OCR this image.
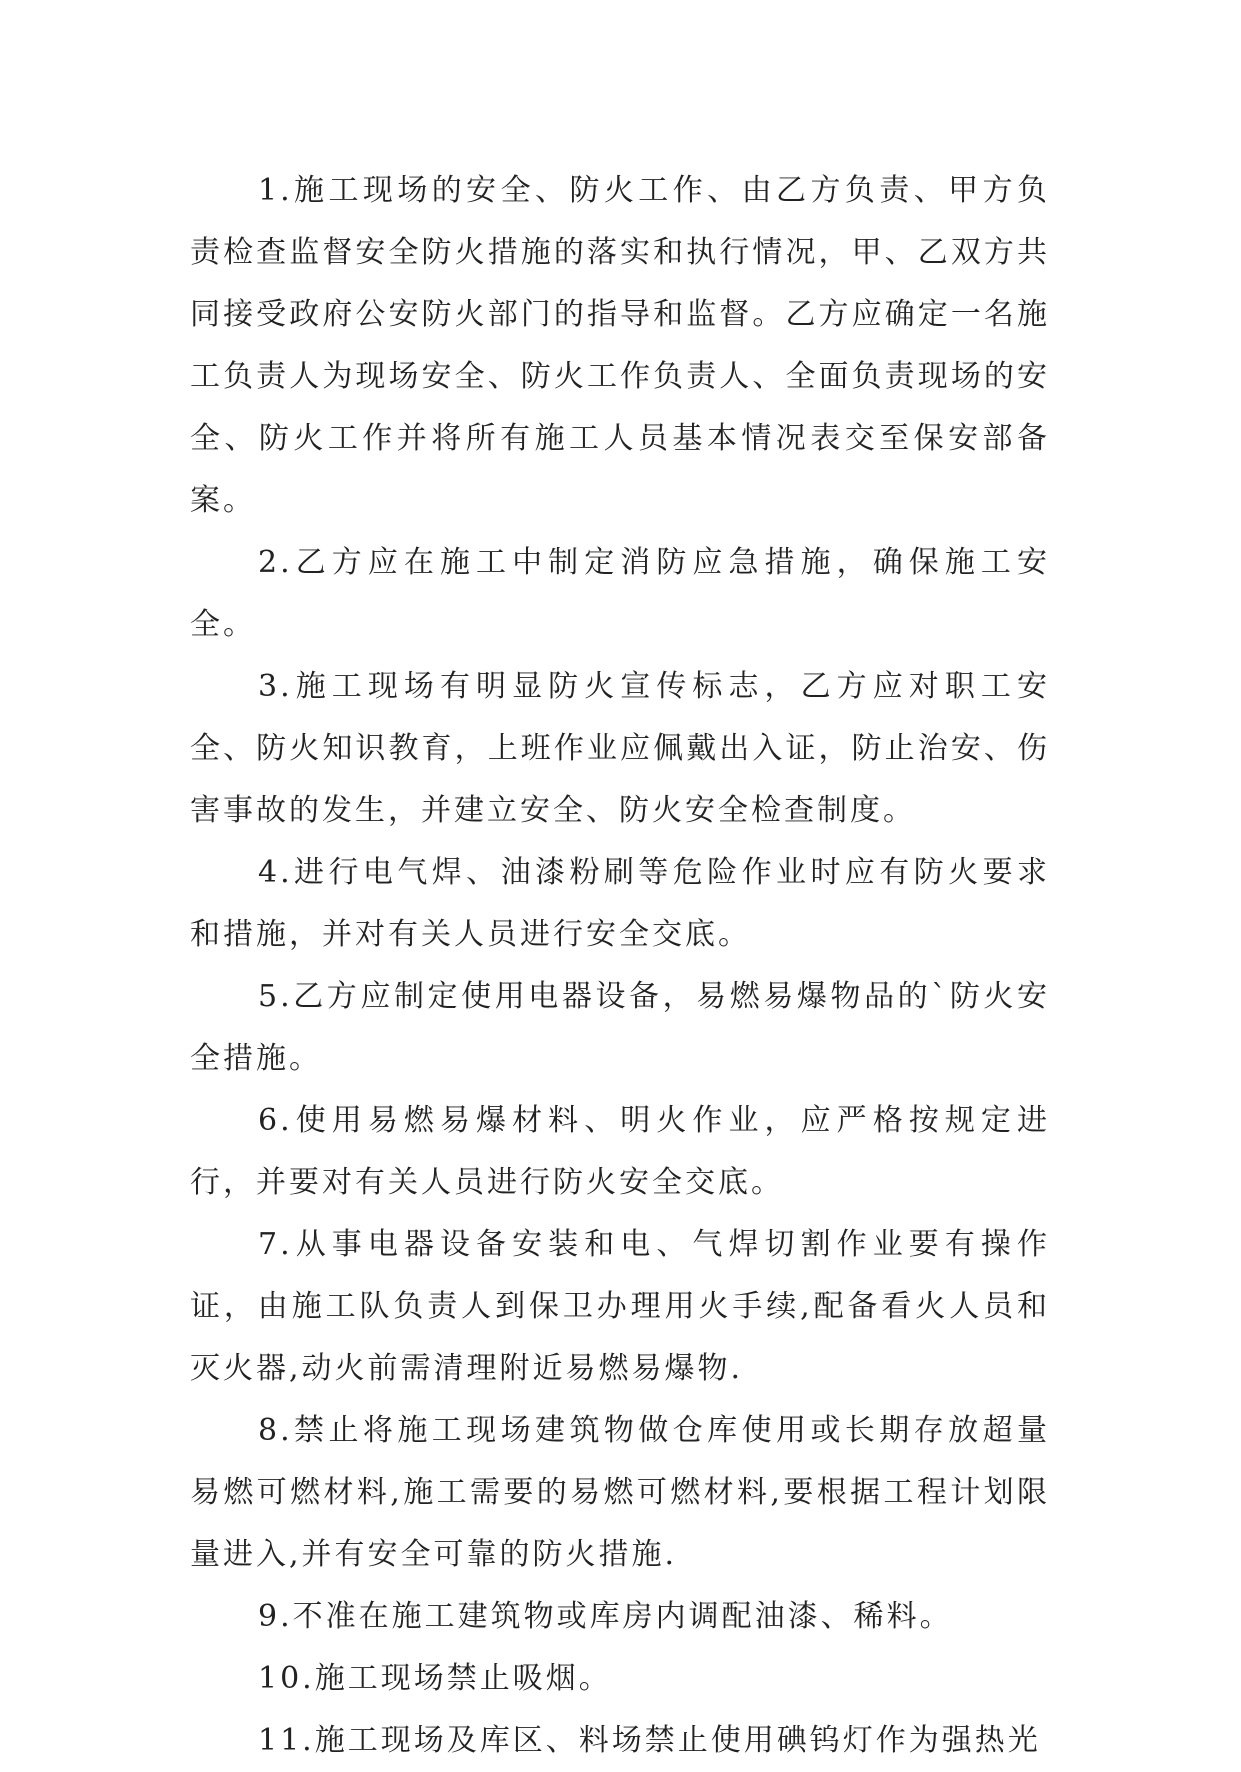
1.施工现场的安全、防火工作、由乙方负责、甲方负责检查监督安全防火措施的落实和执行情况，甲、乙双方共同接受政府公安防火部门的指导和监督。乙方应确定一名施工负责人为现场安全、防火工作负责人、全面负责现场的安全、防火工作并将所有施工人员基本情况表交至保安部备案。

2.乙方应在施工中制定消防应急措施，确保施工安全。

3.施工现场有明显防火宣传标志，乙方应对职工安全、防火知识教育，上班作业应佩戴出入证，防止治安、伤害事故的发生，并建立安全、防火安全检查制度。

4.进行电气焊、油漆粉刷等危险作业时应有防火要求和措施，并对有关人员进行安全交底。

5.乙方应制定使用电器设备，易燃易爆物品的`防火安全措施。

6.使用易燃易爆材料、明火作业，应严格按规定进行，并要对有关人员进行防火安全交底。

7.从事电器设备安装和电、气焊切割作业要有操作证，由施工队负责人到保卫办理用火手续,配备看火人员和灭火器,动火前需清理附近易燃易爆物.

8.禁止将施工现场建筑物做仓库使用或长期存放超量易燃可燃材料,施工需要的易燃可燃材料,要根据工程计划限量进入,并有安全可靠的防火措施.

9.不准在施工建筑物或库房内调配油漆、稀料。

10.施工现场禁止吸烟。

11.施工现场及库区、料场禁止使用碘钨灯作为强热光
